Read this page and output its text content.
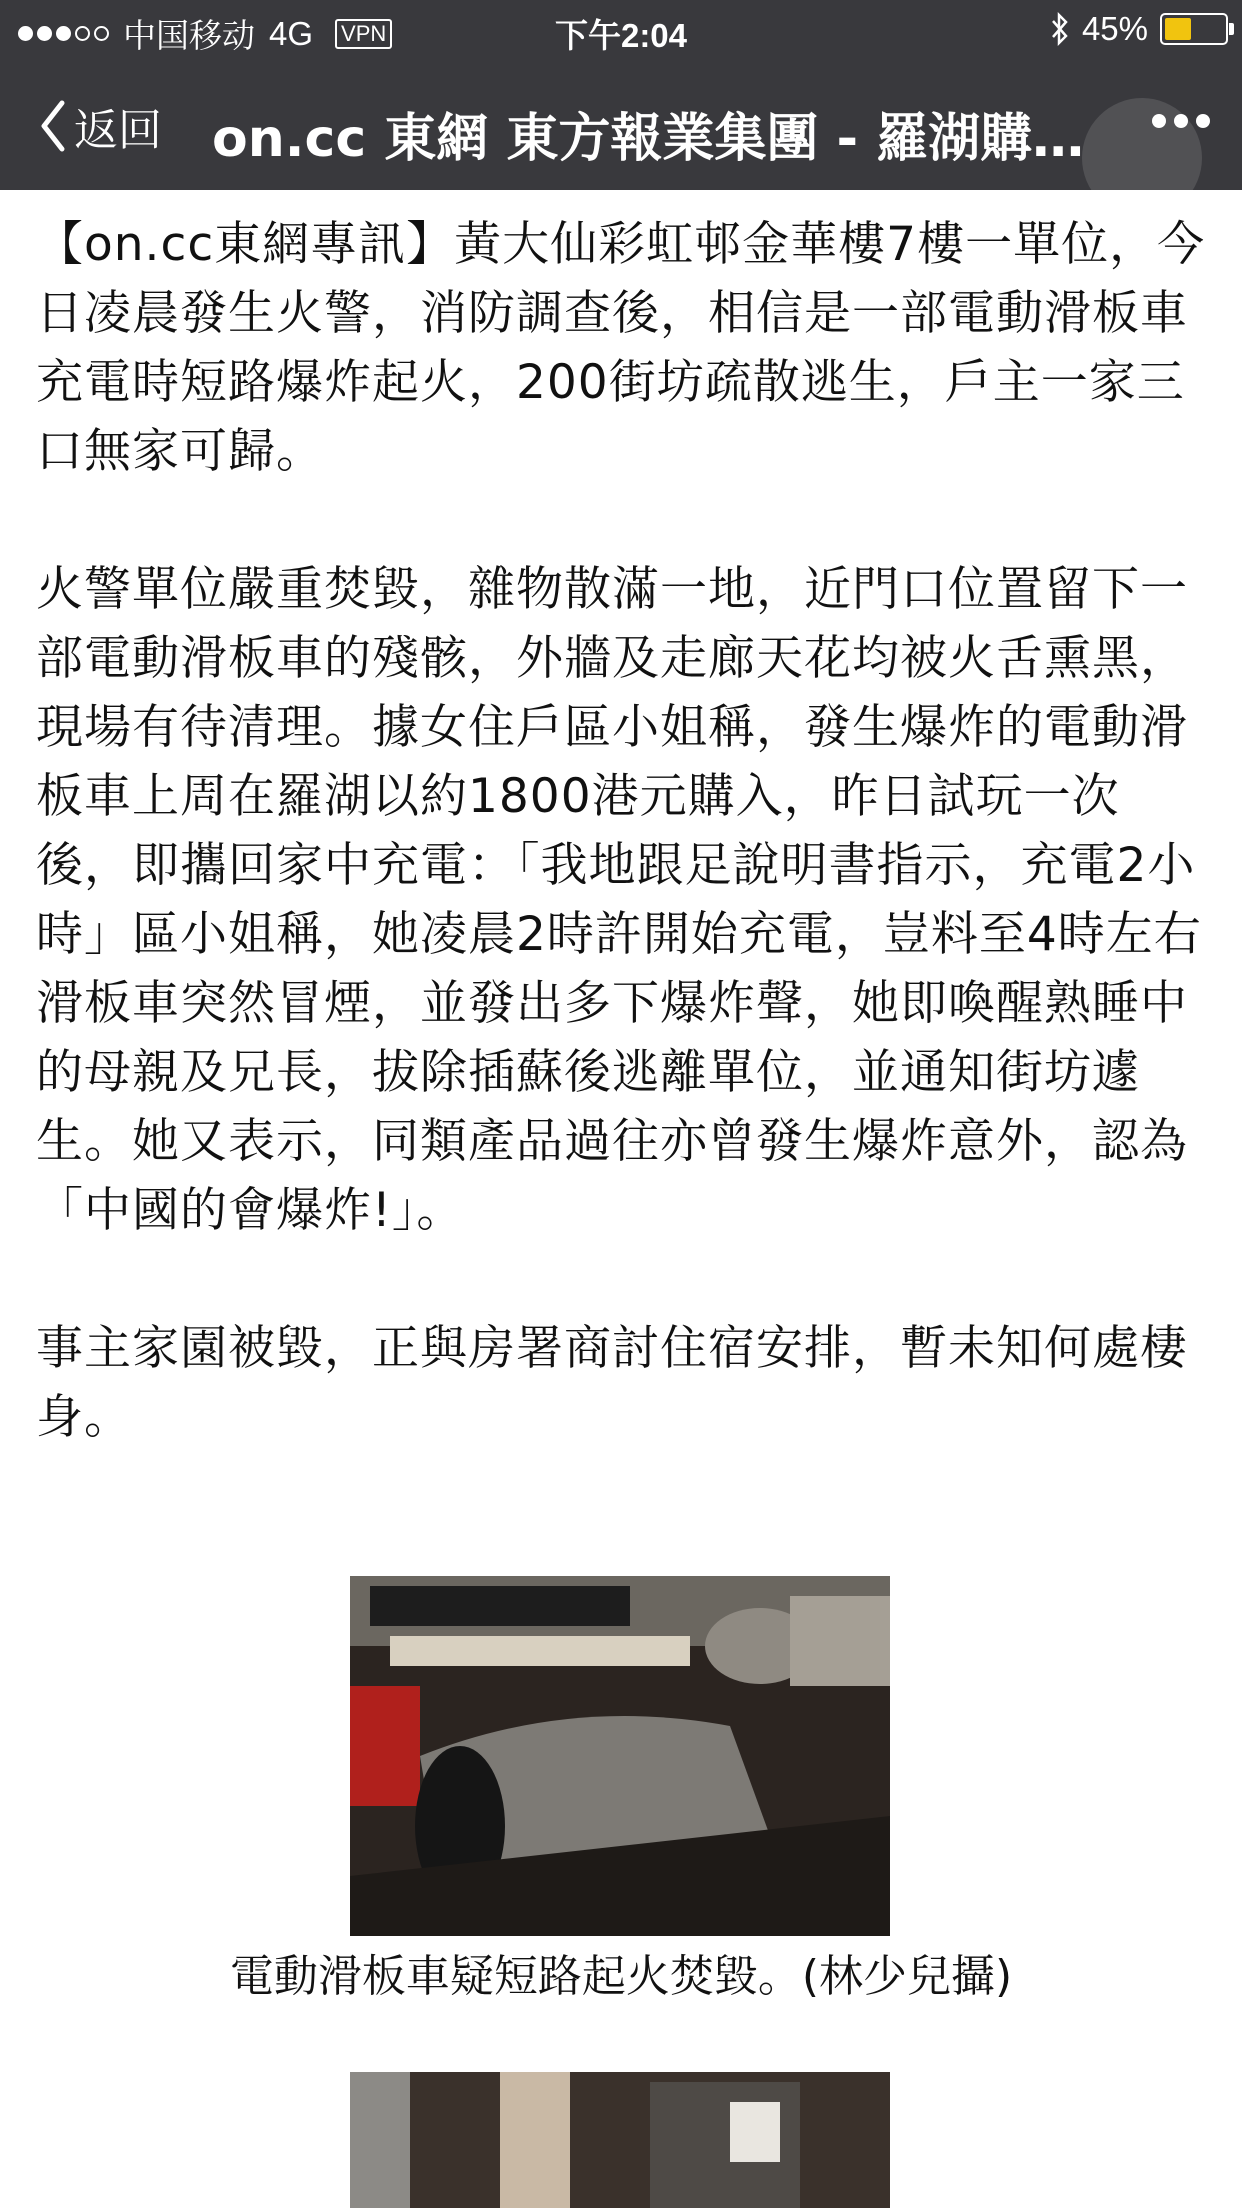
中国移动 4G VPN	下午2:04	45%
返回 on.cc 東網 東方報業集團 - 羅湖購…

【on.cc東網專訊】黃大仙彩虹邨金華樓7樓一單位，今日凌晨發生火警，消防調查後，相信是一部電動滑板車充電時短路爆炸起火，200街坊疏散逃生，戶主一家三口無家可歸。

火警單位嚴重焚毀，雜物散滿一地，近門口位置留下一部電動滑板車的殘骸，外牆及走廊天花均被火舌熏黑，現場有待清理。據女住戶區小姐稱，發生爆炸的電動滑板車上周在羅湖以約1800港元購入，昨日試玩一次後，即攜回家中充電：「我地跟足說明書指示，充電2小時」區小姐稱，她凌晨2時許開始充電，豈料至4時左右滑板車突然冒煙，並發出多下爆炸聲，她即喚醒熟睡中的母親及兄長，拔除插蘇後逃離單位，並通知街坊遽生。她又表示，同類產品過往亦曾發生爆炸意外，認為「中國的會爆炸!」。

事主家園被毀，正與房署商討住宿安排，暫未知何處棲身。

電動滑板車疑短路起火焚毀。(林少兒攝)
